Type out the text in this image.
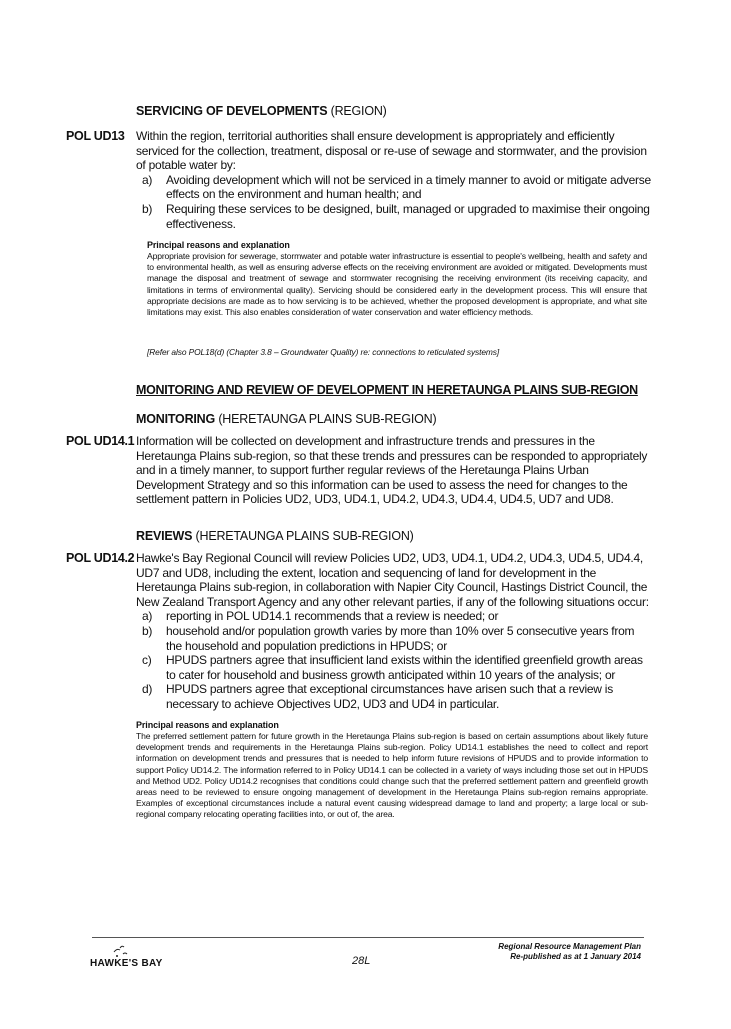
SERVICING OF DEVELOPMENTS (REGION)
POL UD13 Within the region, territorial authorities shall ensure development is appropriately and efficiently serviced for the collection, treatment, disposal or re-use of sewage and stormwater, and the provision of potable water by:
a) Avoiding development which will not be serviced in a timely manner to avoid or mitigate adverse effects on the environment and human health; and
b) Requiring these services to be designed, built, managed or upgraded to maximise their ongoing effectiveness.
Principal reasons and explanation
Appropriate provision for sewerage, stormwater and potable water infrastructure is essential to people's wellbeing, health and safety and to environmental health, as well as ensuring adverse effects on the receiving environment are avoided or mitigated. Developments must manage the disposal and treatment of sewage and stormwater recognising the receiving environment (its receiving capacity, and limitations in terms of environmental quality). Servicing should be considered early in the development process. This will ensure that appropriate decisions are made as to how servicing is to be achieved, whether the proposed development is appropriate, and what site limitations may exist. This also enables consideration of water conservation and water efficiency methods.
[Refer also POL18(d) (Chapter 3.8 – Groundwater Quality) re: connections to reticulated systems]
MONITORING AND REVIEW OF DEVELOPMENT IN HERETAUNGA PLAINS SUB-REGION
MONITORING (HERETAUNGA PLAINS SUB-REGION)
POL UD14.1 Information will be collected on development and infrastructure trends and pressures in the Heretaunga Plains sub-region, so that these trends and pressures can be responded to appropriately and in a timely manner, to support further regular reviews of the Heretaunga Plains Urban Development Strategy and so this information can be used to assess the need for changes to the settlement pattern in Policies UD2, UD3, UD4.1, UD4.2, UD4.3, UD4.4, UD4.5, UD7 and UD8.
REVIEWS (HERETAUNGA PLAINS SUB-REGION)
POL UD14.2 Hawke's Bay Regional Council will review Policies UD2, UD3, UD4.1, UD4.2, UD4.3, UD4.5, UD4.4, UD7 and UD8, including the extent, location and sequencing of land for development in the Heretaunga Plains sub-region, in collaboration with Napier City Council, Hastings District Council, the New Zealand Transport Agency and any other relevant parties, if any of the following situations occur:
a) reporting in POL UD14.1 recommends that a review is needed; or
b) household and/or population growth varies by more than 10% over 5 consecutive years from the household and population predictions in HPUDS; or
c) HPUDS partners agree that insufficient land exists within the identified greenfield growth areas to cater for household and business growth anticipated within 10 years of the analysis; or
d) HPUDS partners agree that exceptional circumstances have arisen such that a review is necessary to achieve Objectives UD2, UD3 and UD4 in particular.
Principal reasons and explanation
The preferred settlement pattern for future growth in the Heretaunga Plains sub-region is based on certain assumptions about likely future development trends and requirements in the Heretaunga Plains sub-region. Policy UD14.1 establishes the need to collect and report information on development trends and pressures that is needed to help inform future revisions of HPUDS and to provide information to support Policy UD14.2. The information referred to in Policy UD14.1 can be collected in a variety of ways including those set out in HPUDS and Method UD2. Policy UD14.2 recognises that conditions could change such that the preferred settlement pattern and greenfield growth areas need to be reviewed to ensure ongoing management of development in the Heretaunga Plains sub-region remains appropriate. Examples of exceptional circumstances include a natural event causing widespread damage to land and property; a large local or sub-regional company relocating operating facilities into, or out of, the area.
HAWKE'S BAY	28L
Regional Resource Management Plan
Re-published as at 1 January 2014
